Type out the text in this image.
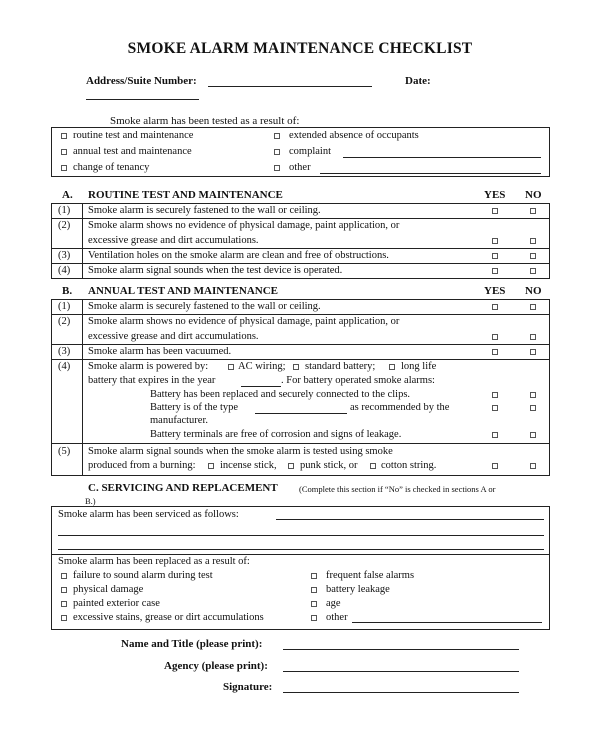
SMOKE ALARM MAINTENANCE CHECKLIST
Address/Suite Number:	Date:
Smoke alarm has been tested as a result of:
routine test and maintenance
annual test and maintenance
change of tenancy
extended absence of occupants
complaint
other
A. ROUTINE TEST AND MAINTENANCE	YES NO
(1) Smoke alarm is securely fastened to the wall or ceiling.
(2) Smoke alarm shows no evidence of physical damage, paint application, or
excessive grease and dirt accumulations.
(3) Ventilation holes on the smoke alarm are clean and free of obstructions.
(4) Smoke alarm signal sounds when the test device is operated.
B. ANNUAL TEST AND MAINTENANCE	YES NO
(1) Smoke alarm is securely fastened to the wall or ceiling.
(2) Smoke alarm shows no evidence of physical damage, paint application, or
excessive grease and dirt accumulations.
(3) Smoke alarm has been vacuumed.
(4) Smoke alarm is powered by:	AC wiring; standard battery; long life
battery that expires in the year	. For battery operated smoke alarms:
Battery has been replaced and securely connected to the clips.
Battery is of the type	as recommended by the
manufacturer.
Battery terminals are free of corrosion and signs of leakage.
(5) Smoke alarm signal sounds when the smoke alarm is tested using smoke
produced from a burning: incense stick, punk stick, or cotton string.
C. SERVICING AND REPLACEMENT	(Complete this section if “No” is checked in sections A or
B.)
Smoke alarm has been serviced as follows:
Smoke alarm has been replaced as a result of:
failure to sound alarm during test
physical damage
painted exterior case
excessive stains, grease or dirt accumulations
frequent false alarms
battery leakage
age
other
Name and Title (please print):
Agency (please print):
Signature:
